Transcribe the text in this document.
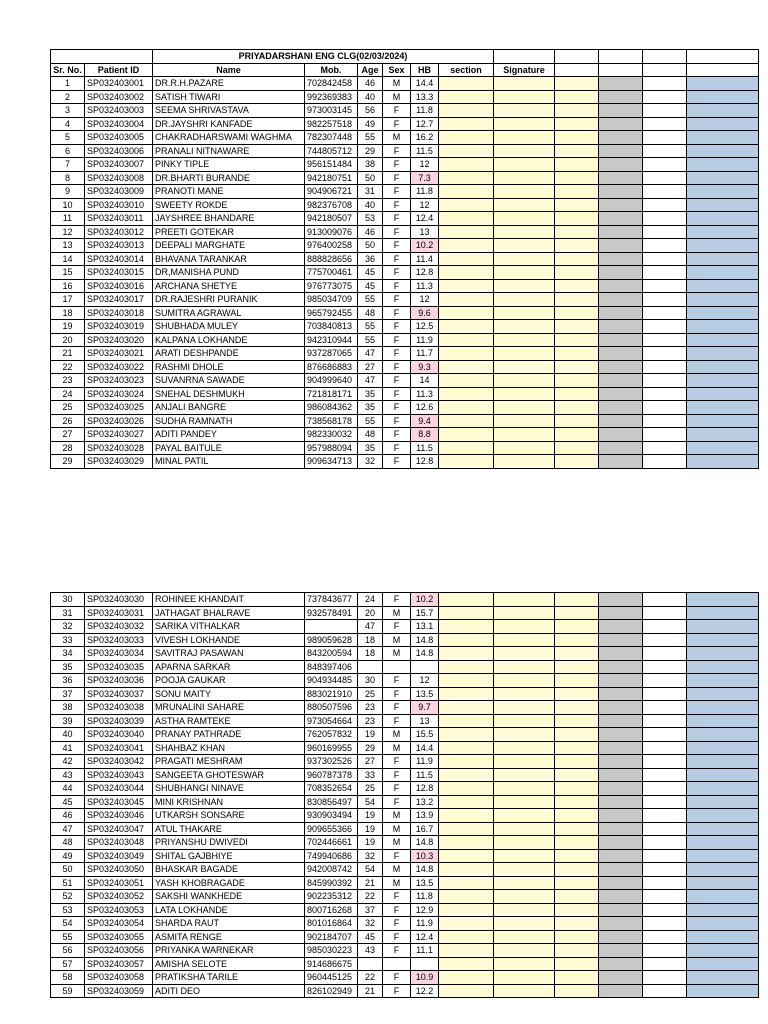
		PRIYADARSHANI ENG CLG(02/03/2024)										
Sr. No.	Patient ID	Name	Mob.	Age	Sex	HB	section	Signature				
1	SP032403001	DR.R.H.PAZARE	702842458	46	M	14.4						
2	SP032403002	SATISH TIWARI	992369383	40	M	13.3						
3	SP032403003	SEEMA SHRIVASTAVA	973003145	56	F	11.8						
4	SP032403004	DR.JAYSHRI KANFADE	982257518	49	F	12.7						
5	SP032403005	CHAKRADHARSWAMI WAGHMA	782307448	55	M	16.2						
6	SP032403006	PRANALI NITNAWARE	744805712	29	F	11.5						
7	SP032403007	PINKY TIPLE	956151484	38	F	12						
8	SP032403008	DR.BHARTI BURANDE	942180751	50	F	7.3						
9	SP032403009	PRANOTI MANE	904906721	31	F	11.8						
10	SP032403010	SWEETY ROKDE	982376708	40	F	12						
11	SP032403011	JAYSHREE BHANDARE	942180507	53	F	12.4						
12	SP032403012	PREETI GOTEKAR	913009076	46	F	13						
13	SP032403013	DEEPALI MARGHATE	976400258	50	F	10.2						
14	SP032403014	BHAVANA TARANKAR	888828656	36	F	11.4						
15	SP032403015	DR,MANISHA PUND	775700461	45	F	12.8						
16	SP032403016	ARCHANA SHETYE	976773075	45	F	11.3						
17	SP032403017	DR.RAJESHRI PURANIK	985034709	55	F	12						
18	SP032403018	SUMITRA AGRAWAL	965792455	48	F	9.6						
19	SP032403019	SHUBHADA MULEY	703840813	55	F	12.5						
20	SP032403020	KALPANA LOKHANDE	942310944	55	F	11.9						
21	SP032403021	ARATI DESHPANDE	937287065	47	F	11.7						
22	SP032403022	RASHMI DHOLE	876686883	27	F	9.3						
23	SP032403023	SUVANRNA SAWADE	904999640	47	F	14						
24	SP032403024	SNEHAL DESHMUKH	721818171	35	F	11.3						
25	SP032403025	ANJALI BANGRE	986084362	35	F	12.6						
26	SP032403026	SUDHA RAMNATH	738568178	55	F	9.4						
27	SP032403027	ADITI PANDEY	982330032	48	F	8.8						
28	SP032403028	PAYAL BAITULE	957988094	35	F	11.5						
29	SP032403029	MINAL PATIL	909634713	32	F	12.8						
30	SP032403030	ROHINEE KHANDAIT	737843677	24	F	10.2						
31	SP032403031	JATHAGAT BHALRAVE	932578491	20	M	15.7						
32	SP032403032	SARIKA VITHALKAR		47	F	13.1						
33	SP032403033	VIVESH LOKHANDE	989059628	18	M	14.8						
34	SP032403034	SAVITRAJ PASAWAN	843200594	18	M	14.8						
35	SP032403035	APARNA SARKAR	848397406									
36	SP032403036	POOJA GAUKAR	904934485	30	F	12						
37	SP032403037	SONU MAITY	883021910	25	F	13.5						
38	SP032403038	MRUNALINI SAHARE	880507596	23	F	9.7						
39	SP032403039	ASTHA RAMTEKE	973054664	23	F	13						
40	SP032403040	PRANAY PATHRADE	762057832	19	M	15.5						
41	SP032403041	SHAHBAZ KHAN	960169955	29	M	14.4						
42	SP032403042	PRAGATI MESHRAM	937302526	27	F	11.9						
43	SP032403043	SANGEETA GHOTESWAR	960787378	33	F	11.5						
44	SP032403044	SHUBHANGI NINAVE	708352654	25	F	12.8						
45	SP032403045	MINI KRISHNAN	830856497	54	F	13.2						
46	SP032403046	UTKARSH SONSARE	930903494	19	M	13.9						
47	SP032403047	ATUL THAKARE	909655366	19	M	16.7						
48	SP032403048	PRIYANSHU DWIVEDI	702446661	19	M	14.8						
49	SP032403049	SHITAL GAJBHIYE	749940686	32	F	10.3						
50	SP032403050	BHASKAR BAGADE	942008742	54	M	14.8						
51	SP032403051	YASH KHOBRAGADE	845990392	21	M	13.5						
52	SP032403052	SAKSHI WANKHEDE	902235312	22	F	11.8						
53	SP032403053	LATA LOKHANDE	800716268	37	F	12.9						
54	SP032403054	SHARDA RAUT	801016864	32	F	11.9						
55	SP032403055	ASMITA RENGE	902184707	45	F	12.4						
56	SP032403056	PRIYANKA WARNEKAR	985030223	43	F	11.1						
57	SP032403057	AMISHA SELOTE	914686675									
58	SP032403058	PRATIKSHA TARILE	960445125	22	F	10.9						
59	SP032403059	ADITI DEO	826102949	21	F	12.2						
